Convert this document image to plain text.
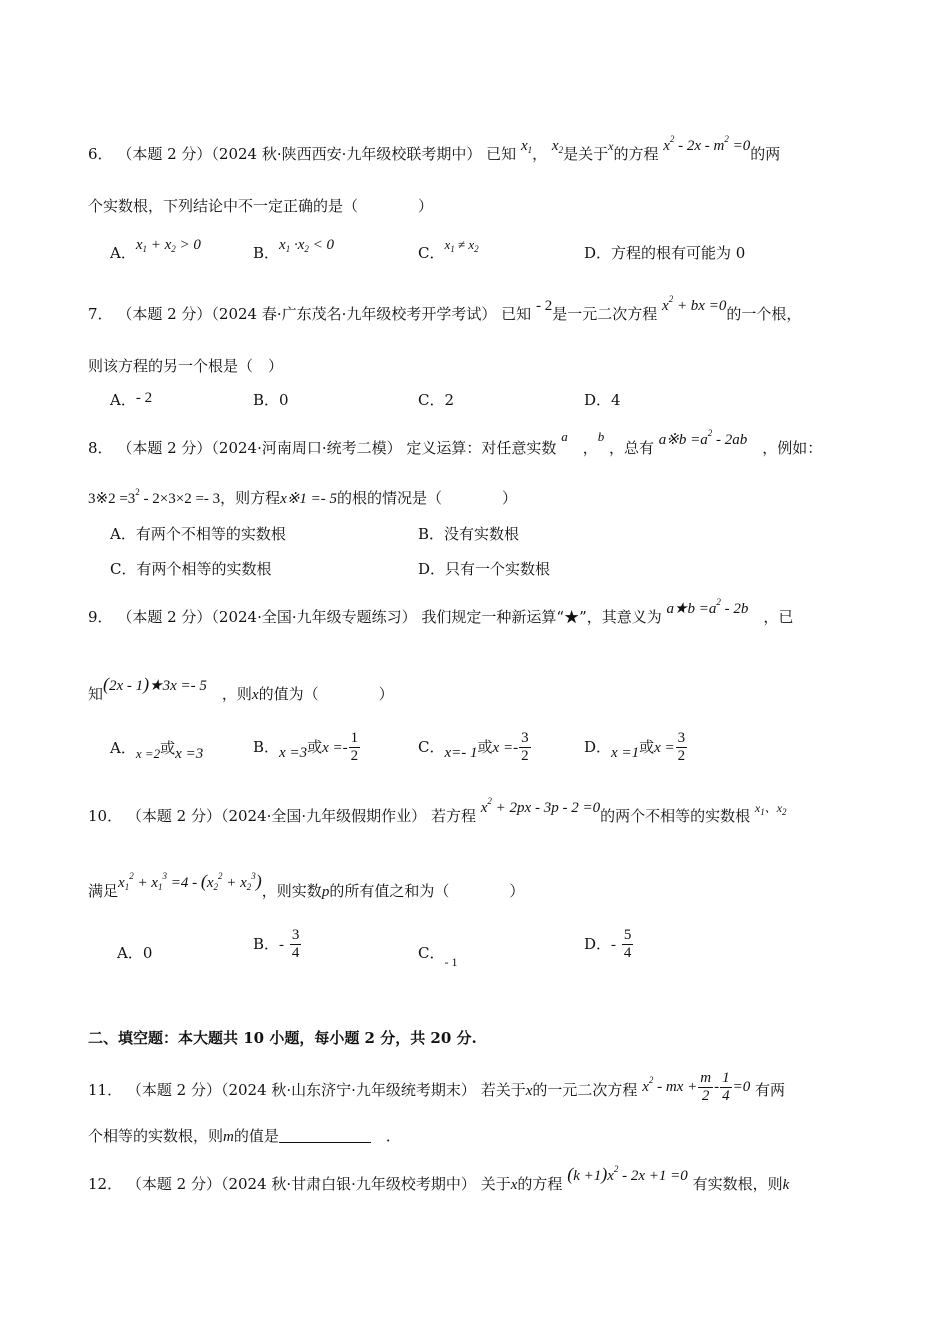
6． （本题 2 分）（2024 秋·陕西西安·九年级校联考期中） 已知 $x_1$， $x_2$是关于$^x$的方程 $x^2 - 2x - m^2 =0$的两
个实数根，下列结论中不一定正确的是（　　　　）
A．$x_1 + x_2 > 0$	B．$x_1 \cdot x_2 < 0$	C．$x_1 \ne x_2$	D．方程的根有可能为 0
7． （本题 2 分）（2024 春·广东茂名·九年级校考开学考试） 已知 - 2是一元二次方程 $x^2$ + bx =0的一个根，
则该方程的另一个根是（　）
A．- 2	B．0	C．2	D．4
8． （本题 2 分）（2024·河南周口·统考二模） 定义运算：对任意实数 a　，b ，总有 a※b $=a^2 - 2ab$　 ，例如：
3※2 $=3^2 - 2\times 3\times 2 =- 3$，则方程x※1 =- 5的根的情况是（　　　　）
A．有两个不相等的实数根	B．没有实数根
C．有两个相等的实数根	D．只有一个实数根
9． （本题 2 分）（2024·全国·九年级专题练习） 我们规定一种新运算“★”，其意义为 a★b $=a^2 - 2b$　 ，已
知(2x - 1)★3x =- 5　 ，则x的值为（　　　　）
A．x =2或x =3	B．x =3或$x =- \frac{1}{2}$	C．x=- 1或$x =- \frac{3}{2}$	D．x =1或$x = \frac{3}{2}$
10． （本题 2 分）（2024·全国·九年级假期作业） 若方程 $x^2 + 2px - 3p - 2 =0$的两个不相等的实数根 $^{x_1、x_2}$
满足$x_1^2 + x_1^3 =4 - (x_2^2 + x_2^3)$，则实数p的所有值之和为（　　　　）
A．0
B．- $\frac{3}{4}$	C．$_{- 1}$
D．- $\frac{5}{4}$
二、填空题：本大题共 10 小题，每小题 2 分，共 20 分.
11． （本题 2 分）（2024 秋·山东济宁·九年级统考期末） 若关于x的一元二次方程 $x^2$ - mx + $\frac{m}{2} - \frac{1}{4} =0$ 有两
个相等的实数根，则m的值是　	．
12． （本题 2 分）（2024 秋·甘肃白银·九年级校考期中） 关于x的方程 $(k +1)x^2 - 2x +1 =0$ 有实数根，则k
